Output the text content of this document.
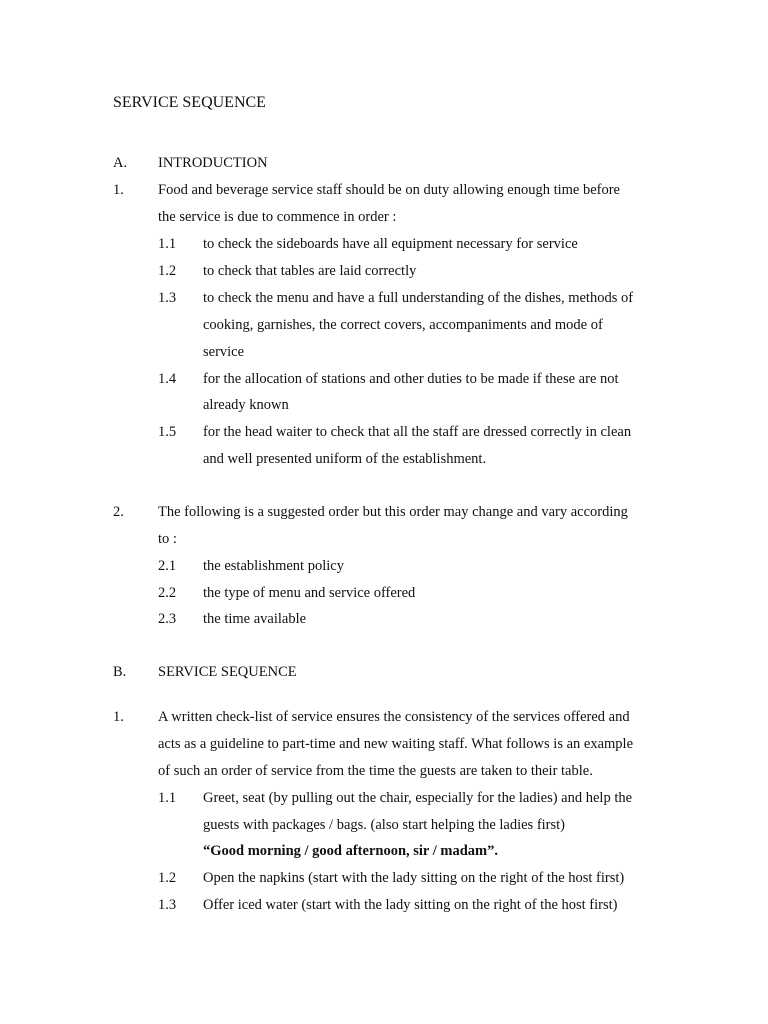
SERVICE SEQUENCE
A. INTRODUCTION
1. Food and beverage service staff should be on duty allowing enough time before
the service is due to commence in order :
1.1 to check the sideboards have all equipment necessary for service
1.2 to check that tables are laid correctly
1.3 to check the menu and have a full understanding of the dishes, methods of
cooking, garnishes, the correct covers, accompaniments and mode of
service
1.4 for the allocation of stations and other duties to be made if these are not
already known
1.5 for the head waiter to check that all the staff are dressed correctly in clean
and well presented uniform of the establishment.
2. The following is a suggested order but this order may change and vary according
to :
2.1 the establishment policy
2.2 the type of menu and service offered
2.3 the time available
B. SERVICE SEQUENCE
1. A written check-list of service ensures the consistency of the services offered and
acts as a guideline to part-time and new waiting staff. What follows is an example
of such an order of service from the time the guests are taken to their table.
1.1 Greet, seat (by pulling out the chair, especially for the ladies) and help the
guests with packages / bags. (also start helping the ladies first)
“Good morning / good afternoon, sir / madam”.
1.2 Open the napkins (start with the lady sitting on the right of the host first)
1.3 Offer iced water (start with the lady sitting on the right of the host first)
